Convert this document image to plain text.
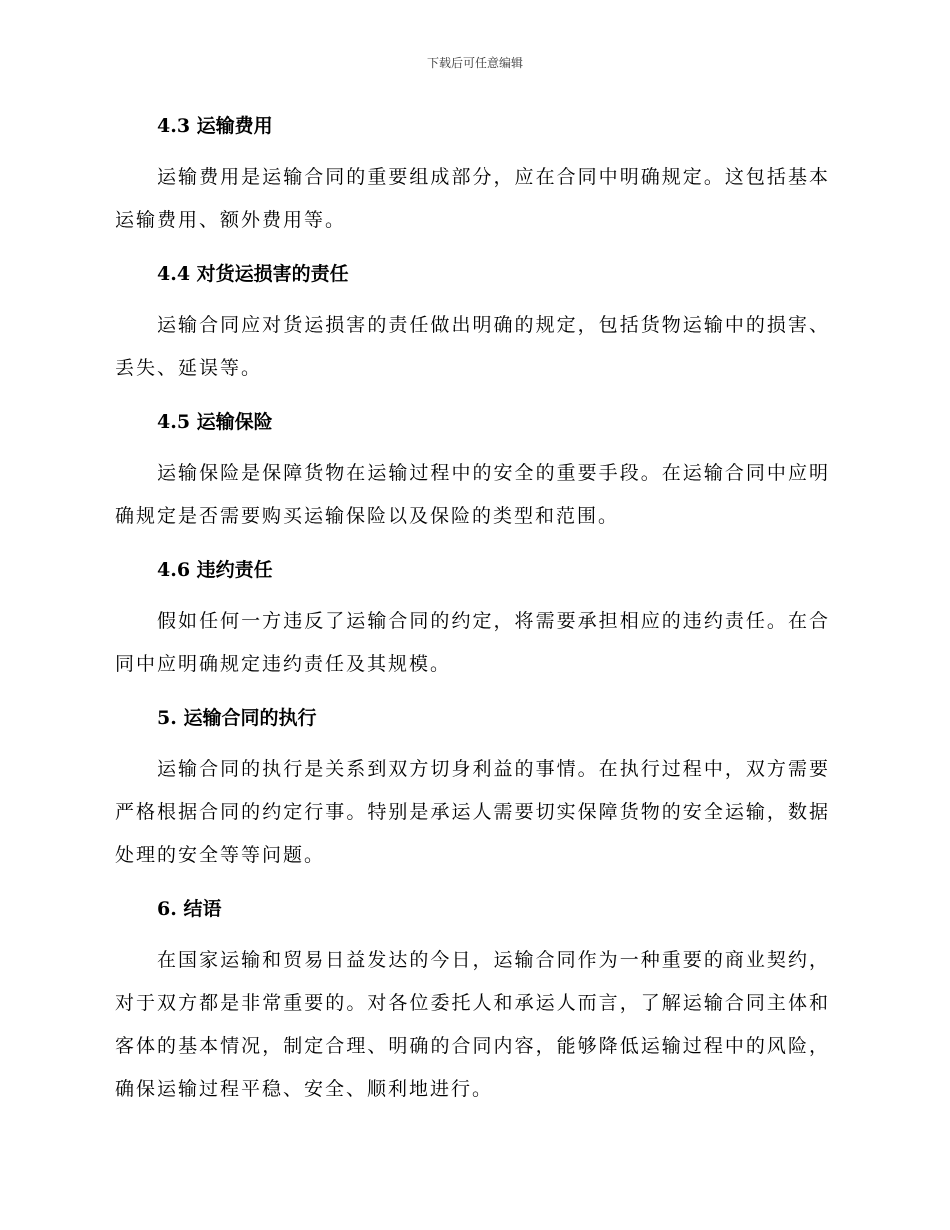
下载后可任意编辑
4.3 运输费用

运输费用是运输合同的重要组成部分，应在合同中明确规定。这包括基本运输费用、额外费用等。

4.4 对货运损害的责任

运输合同应对货运损害的责任做出明确的规定，包括货物运输中的损害、丢失、延误等。

4.5 运输保险

运输保险是保障货物在运输过程中的安全的重要手段。在运输合同中应明确规定是否需要购买运输保险以及保险的类型和范围。

4.6 违约责任

假如任何一方违反了运输合同的约定，将需要承担相应的违约责任。在合同中应明确规定违约责任及其规模。

5. 运输合同的执行

运输合同的执行是关系到双方切身利益的事情。在执行过程中，双方需要严格根据合同的约定行事。特别是承运人需要切实保障货物的安全运输，数据处理的安全等等问题。

6. 结语

在国家运输和贸易日益发达的今日，运输合同作为一种重要的商业契约，对于双方都是非常重要的。对各位委托人和承运人而言，了解运输合同主体和客体的基本情况，制定合理、明确的合同内容，能够降低运输过程中的风险，确保运输过程平稳、安全、顺利地进行。
